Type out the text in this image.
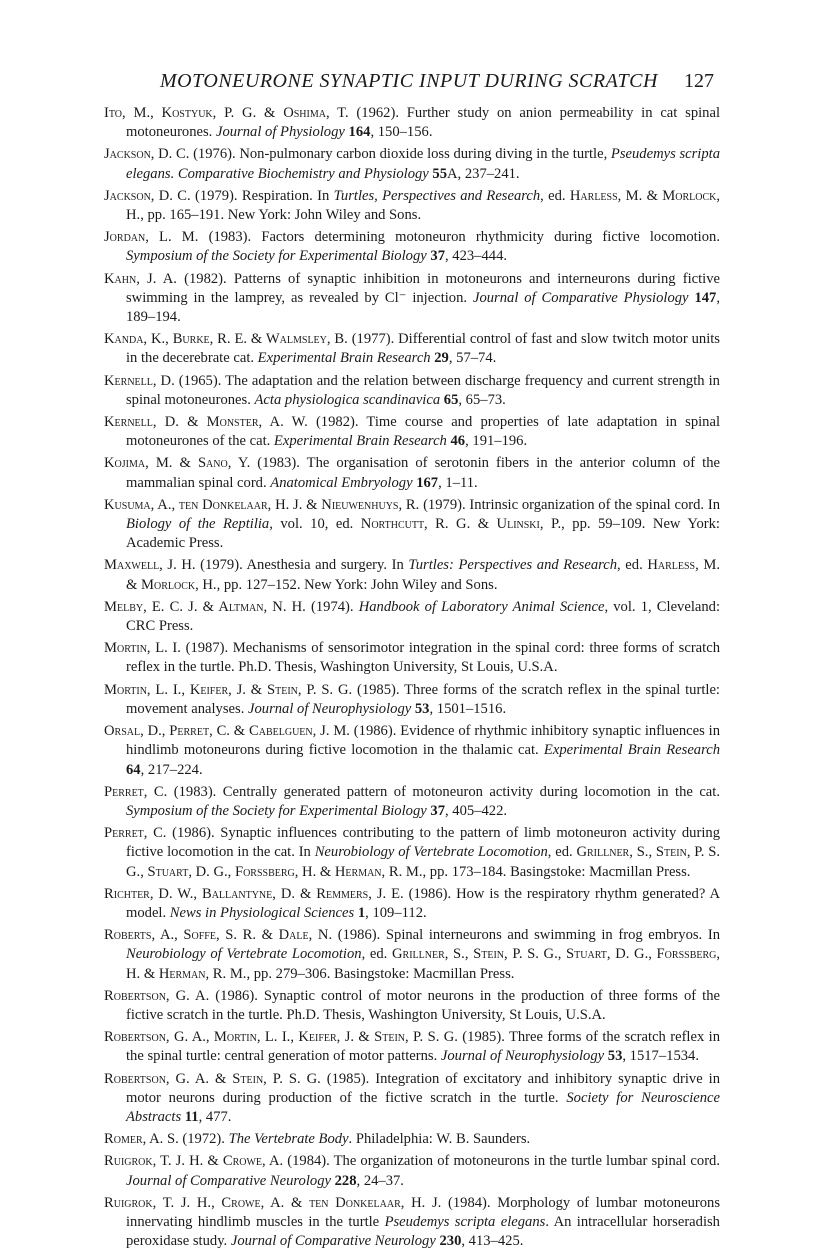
MOTONEURONE SYNAPTIC INPUT DURING SCRATCH	127

Ito, M., Kostyuk, P. G. & Oshima, T. (1962). Further study on anion permeability in cat spinal motoneurones. Journal of Physiology 164, 150–156.

Jackson, D. C. (1976). Non-pulmonary carbon dioxide loss during diving in the turtle, Pseudemys scripta elegans. Comparative Biochemistry and Physiology 55A, 237–241.

Jackson, D. C. (1979). Respiration. In Turtles, Perspectives and Research, ed. Harless, M. & Morlock, H., pp. 165–191. New York: John Wiley and Sons.

Jordan, L. M. (1983). Factors determining motoneuron rhythmicity during fictive locomotion. Symposium of the Society for Experimental Biology 37, 423–444.

Kahn, J. A. (1982). Patterns of synaptic inhibition in motoneurons and interneurons during fictive swimming in the lamprey, as revealed by Cl⁻ injection. Journal of Comparative Physiology 147, 189–194.

Kanda, K., Burke, R. E. & Walmsley, B. (1977). Differential control of fast and slow twitch motor units in the decerebrate cat. Experimental Brain Research 29, 57–74.

Kernell, D. (1965). The adaptation and the relation between discharge frequency and current strength in spinal motoneurones. Acta physiologica scandinavica 65, 65–73.

Kernell, D. & Monster, A. W. (1982). Time course and properties of late adaptation in spinal motoneurones of the cat. Experimental Brain Research 46, 191–196.

Kojima, M. & Sano, Y. (1983). The organisation of serotonin fibers in the anterior column of the mammalian spinal cord. Anatomical Embryology 167, 1–11.

Kusuma, A., ten Donkelaar, H. J. & Nieuwenhuys, R. (1979). Intrinsic organization of the spinal cord. In Biology of the Reptilia, vol. 10, ed. Northcutt, R. G. & Ulinski, P., pp. 59–109. New York: Academic Press.

Maxwell, J. H. (1979). Anesthesia and surgery. In Turtles: Perspectives and Research, ed. Harless, M. & Morlock, H., pp. 127–152. New York: John Wiley and Sons.

Melby, E. C. J. & Altman, N. H. (1974). Handbook of Laboratory Animal Science, vol. 1, Cleveland: CRC Press.

Mortin, L. I. (1987). Mechanisms of sensorimotor integration in the spinal cord: three forms of scratch reflex in the turtle. Ph.D. Thesis, Washington University, St Louis, U.S.A.

Mortin, L. I., Keifer, J. & Stein, P. S. G. (1985). Three forms of the scratch reflex in the spinal turtle: movement analyses. Journal of Neurophysiology 53, 1501–1516.

Orsal, D., Perret, C. & Cabelguen, J. M. (1986). Evidence of rhythmic inhibitory synaptic influences in hindlimb motoneurons during fictive locomotion in the thalamic cat. Experimental Brain Research 64, 217–224.

Perret, C. (1983). Centrally generated pattern of motoneuron activity during locomotion in the cat. Symposium of the Society for Experimental Biology 37, 405–422.

Perret, C. (1986). Synaptic influences contributing to the pattern of limb motoneuron activity during fictive locomotion in the cat. In Neurobiology of Vertebrate Locomotion, ed. Grillner, S., Stein, P. S. G., Stuart, D. G., Forssberg, H. & Herman, R. M., pp. 173–184. Basingstoke: Macmillan Press.

Richter, D. W., Ballantyne, D. & Remmers, J. E. (1986). How is the respiratory rhythm generated? A model. News in Physiological Sciences 1, 109–112.

Roberts, A., Soffe, S. R. & Dale, N. (1986). Spinal interneurons and swimming in frog embryos. In Neurobiology of Vertebrate Locomotion, ed. Grillner, S., Stein, P. S. G., Stuart, D. G., Forssberg, H. & Herman, R. M., pp. 279–306. Basingstoke: Macmillan Press.

Robertson, G. A. (1986). Synaptic control of motor neurons in the production of three forms of the fictive scratch in the turtle. Ph.D. Thesis, Washington University, St Louis, U.S.A.

Robertson, G. A., Mortin, L. I., Keifer, J. & Stein, P. S. G. (1985). Three forms of the scratch reflex in the spinal turtle: central generation of motor patterns. Journal of Neurophysiology 53, 1517–1534.

Robertson, G. A. & Stein, P. S. G. (1985). Integration of excitatory and inhibitory synaptic drive in motor neurons during production of the fictive scratch in the turtle. Society for Neuroscience Abstracts 11, 477.

Romer, A. S. (1972). The Vertebrate Body. Philadelphia: W. B. Saunders.

Ruigrok, T. J. H. & Crowe, A. (1984). The organization of motoneurons in the turtle lumbar spinal cord. Journal of Comparative Neurology 228, 24–37.

Ruigrok, T. J. H., Crowe, A. & ten Donkelaar, H. J. (1984). Morphology of lumbar motoneurons innervating hindlimb muscles in the turtle Pseudemys scripta elegans. An intracellular horseradish peroxidase study. Journal of Comparative Neurology 230, 413–425.
